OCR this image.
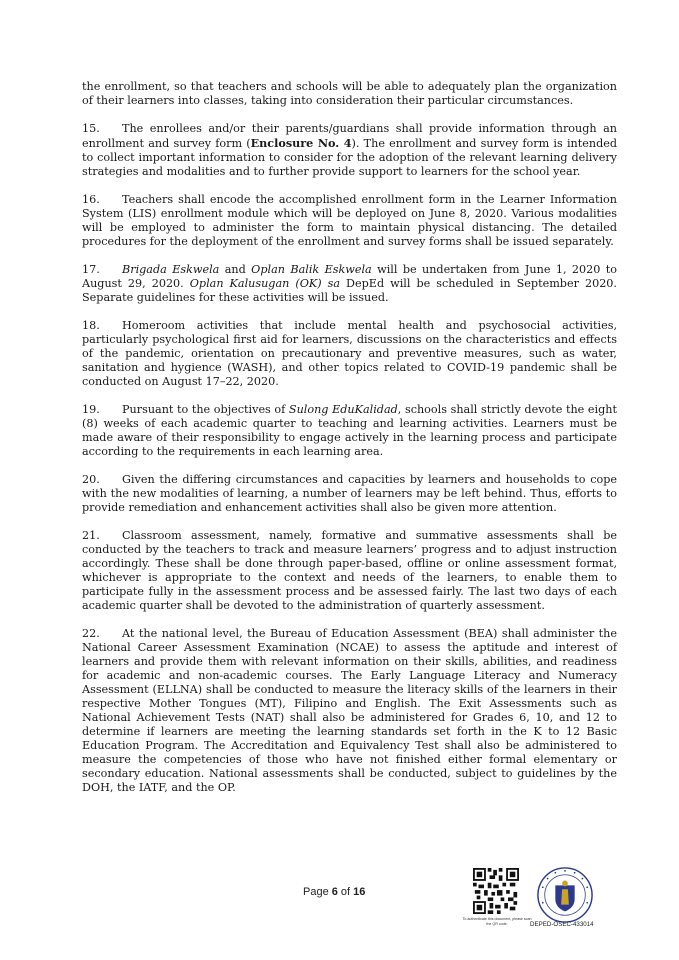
the enrollment, so that teachers and schools will be able to adequately plan the organization of their learners into classes, taking into consideration their particular circumstances.

15. The enrollees and/or their parents/guardians shall provide information through an enrollment and survey form (Enclosure No. 4). The enrollment and survey form is intended to collect important information to consider for the adoption of the relevant learning delivery strategies and modalities and to further provide support to learners for the school year.

16. Teachers shall encode the accomplished enrollment form in the Learner Information System (LIS) enrollment module which will be deployed on June 8, 2020. Various modalities will be employed to administer the form to maintain physical distancing. The detailed procedures for the deployment of the enrollment and survey forms shall be issued separately.

17. Brigada Eskwela and Oplan Balik Eskwela will be undertaken from June 1, 2020 to August 29, 2020. Oplan Kalusugan (OK) sa DepEd will be scheduled in September 2020. Separate guidelines for these activities will be issued.

18. Homeroom activities that include mental health and psychosocial activities, particularly psychological first aid for learners, discussions on the characteristics and effects of the pandemic, orientation on precautionary and preventive measures, such as water, sanitation and hygience (WASH), and other topics related to COVID-19 pandemic shall be conducted on August 17–22, 2020.

19. Pursuant to the objectives of Sulong EduKalidad, schools shall strictly devote the eight (8) weeks of each academic quarter to teaching and learning activities. Learners must be made aware of their responsibility to engage actively in the learning process and participate according to the requirements in each learning area.

20. Given the differing circumstances and capacities by learners and households to cope with the new modalities of learning, a number of learners may be left behind. Thus, efforts to provide remediation and enhancement activities shall also be given more attention.

21. Classroom assessment, namely, formative and summative assessments shall be conducted by the teachers to track and measure learners’ progress and to adjust instruction accordingly. These shall be done through paper-based, offline or online assessment format, whichever is appropriate to the context and needs of the learners, to enable them to participate fully in the assessment process and be assessed fairly. The last two days of each academic quarter shall be devoted to the administration of quarterly assessment.

22. At the national level, the Bureau of Education Assessment (BEA) shall administer the National Career Assessment Examination (NCAE) to assess the aptitude and interest of learners and provide them with relevant information on their skills, abilities, and readiness for academic and non-academic courses. The Early Language Literacy and Numeracy Assessment (ELLNA) shall be conducted to measure the literacy skills of the learners in their respective Mother Tongues (MT), Filipino and English. The Exit Assessments such as National Achievement Tests (NAT) shall also be administered for Grades 6, 10, and 12 to determine if learners are meeting the learning standards set forth in the K to 12 Basic Education Program. The Accreditation and Equivalency Test shall also be administered to measure the competencies of those who have not finished either formal elementary or secondary education. National assessments shall be conducted, subject to guidelines by the DOH, the IATF, and the OP.

Page 6 of 16
To authenticate this document, please scan the QR code.	DEPED-OSEC-433014
